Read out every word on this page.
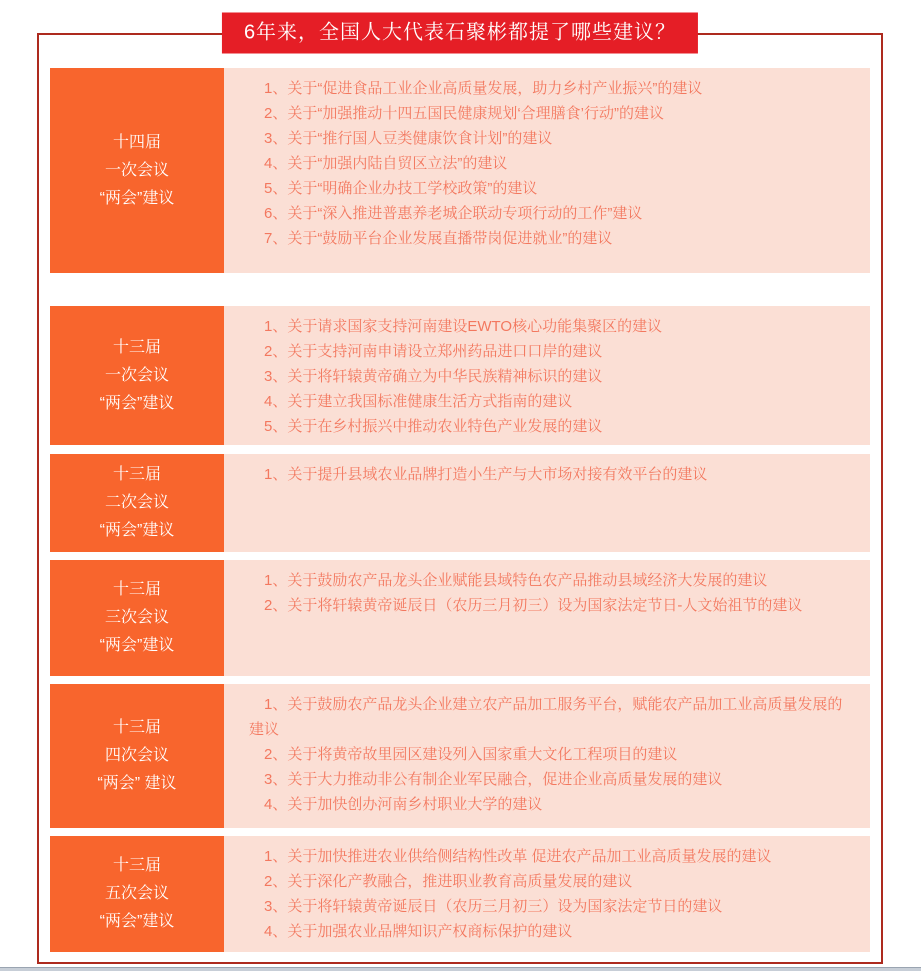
6年来，全国人大代表石聚彬都提了哪些建议？
十四届
一次会议
“两会”建议

1、关于“促进食品工业企业高质量发展，助力乡村产业振兴”的建议

2、关于“加强推动十四五国民健康规划‘合理膳食’行动”的建议

3、关于“推行国人豆类健康饮食计划”的建议

4、关于“加强内陆自贸区立法”的建议

5、关于“明确企业办技工学校政策”的建议

6、关于“深入推进普惠养老城企联动专项行动的工作”建议

7、关于“鼓励平台企业发展直播带岗促进就业”的建议

十三届
一次会议
“两会”建议

1、关于请求国家支持河南建设EWTO核心功能集聚区的建议

2、关于支持河南申请设立郑州药品进口口岸的建议

3、关于将轩辕黄帝确立为中华民族精神标识的建议

4、关于建立我国标准健康生活方式指南的建议

5、关于在乡村振兴中推动农业特色产业发展的建议

十三届
二次会议
“两会”建议

1、关于提升县域农业品牌打造小生产与大市场对接有效平台的建议

十三届
三次会议
“两会”建议

1、关于鼓励农产品龙头企业赋能县域特色农产品推动县域经济大发展的建议

2、关于将轩辕黄帝诞辰日（农历三月初三）设为国家法定节日-人文始祖节的建议

十三届
四次会议
“两会” 建议

1、关于鼓励农产品龙头企业建立农产品加工服务平台，赋能农产品加工业高质量发展的建议

2、关于将黄帝故里园区建设列入国家重大文化工程项目的建议

3、关于大力推动非公有制企业军民融合，促进企业高质量发展的建议

4、关于加快创办河南乡村职业大学的建议

十三届
五次会议
“两会”建议

1、关于加快推进农业供给侧结构性改革 促进农产品加工业高质量发展的建议

2、关于深化产教融合，推进职业教育高质量发展的建议

3、关于将轩辕黄帝诞辰日（农历三月初三）设为国家法定节日的建议

4、关于加强农业品牌知识产权商标保护的建议
